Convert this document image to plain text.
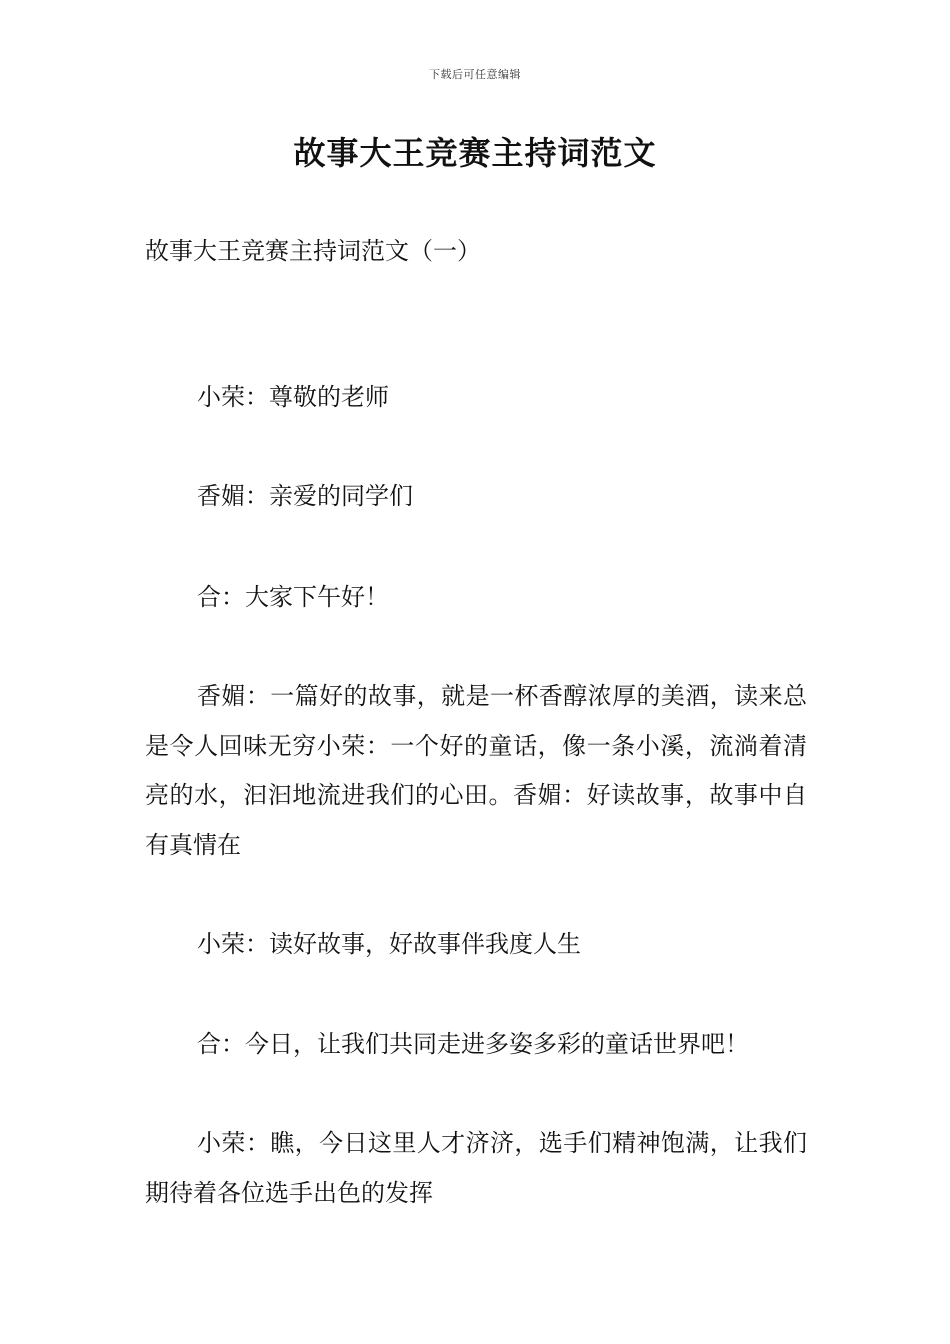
下载后可任意编辑
故事大王竞赛主持词范文

故事大王竞赛主持词范文（一）

小荣：尊敬的老师

香媚：亲爱的同学们

合：大家下午好！

香媚：一篇好的故事，就是一杯香醇浓厚的美酒，读来总是令人回味无穷小荣：一个好的童话，像一条小溪，流淌着清亮的水，汩汩地流进我们的心田。香媚：好读故事，故事中自有真情在

小荣：读好故事，好故事伴我度人生

合：今日，让我们共同走进多姿多彩的童话世界吧！

小荣：瞧，今日这里人才济济，选手们精神饱满，让我们期待着各位选手出色的发挥
